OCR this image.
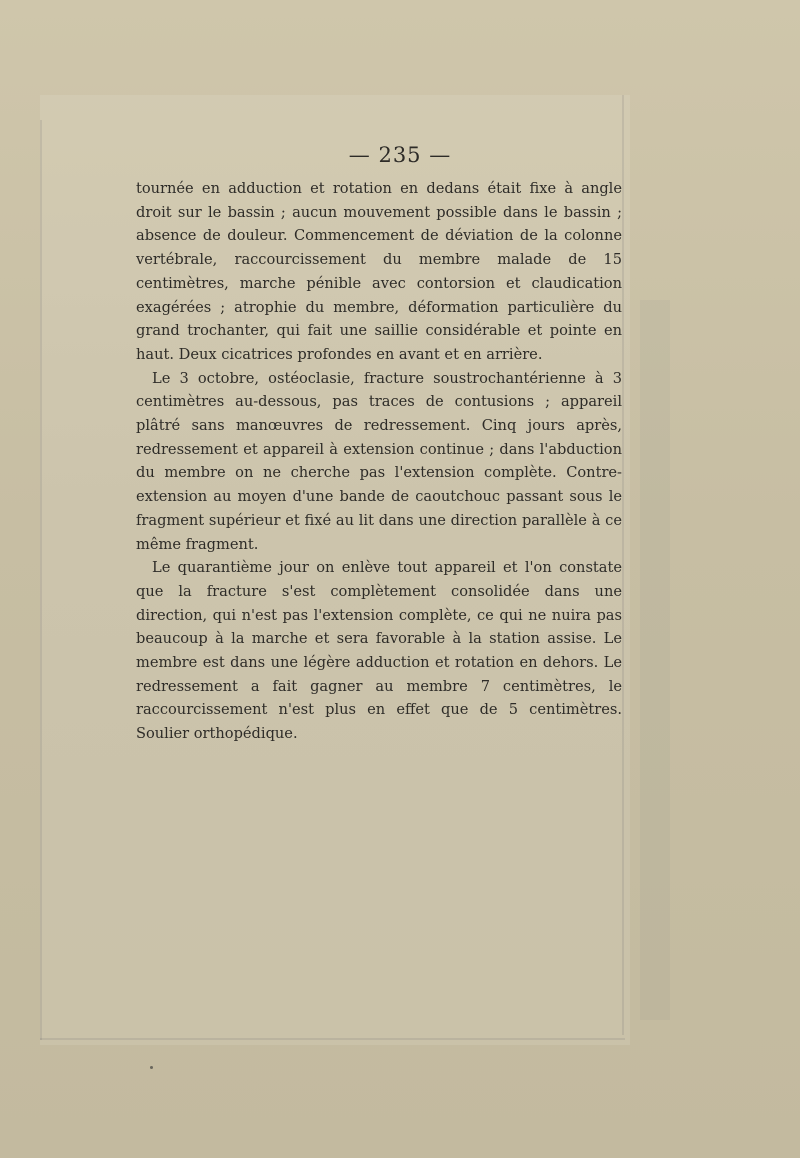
— 235 —

tournée en adduction et rotation en dedans était fixe à angle droit sur le bassin ; aucun mouvement possible dans le bassin ; absence de douleur. Commencement de déviation de la colonne vertébrale, raccourcissement du membre malade de 15 centimètres, marche pénible avec contorsion et claudication exagérées ; atrophie du membre, déformation particulière du grand trochanter, qui fait une saillie considérable et pointe en haut. Deux cicatrices profondes en avant et en arrière.

Le 3 octobre, ostéoclasie, fracture soustrochantérienne à 3 centimètres au-dessous, pas traces de contusions ; appareil plâtré sans manœuvres de redressement. Cinq jours après, redressement et appareil à extension continue ; dans l'abduction du membre on ne cherche pas l'extension complète. Contre-extension au moyen d'une bande de caoutchouc passant sous le fragment supérieur et fixé au lit dans une direction parallèle à ce même fragment.

Le quarantième jour on enlève tout appareil et l'on constate que la fracture s'est complètement consolidée dans une direction, qui n'est pas l'extension complète, ce qui ne nuira pas beaucoup à la marche et sera favorable à la station assise. Le membre est dans une légère adduction et rotation en dehors. Le redressement a fait gagner au membre 7 centimètres, le raccourcissement n'est plus en effet que de 5 centimètres. Soulier orthopédique.
